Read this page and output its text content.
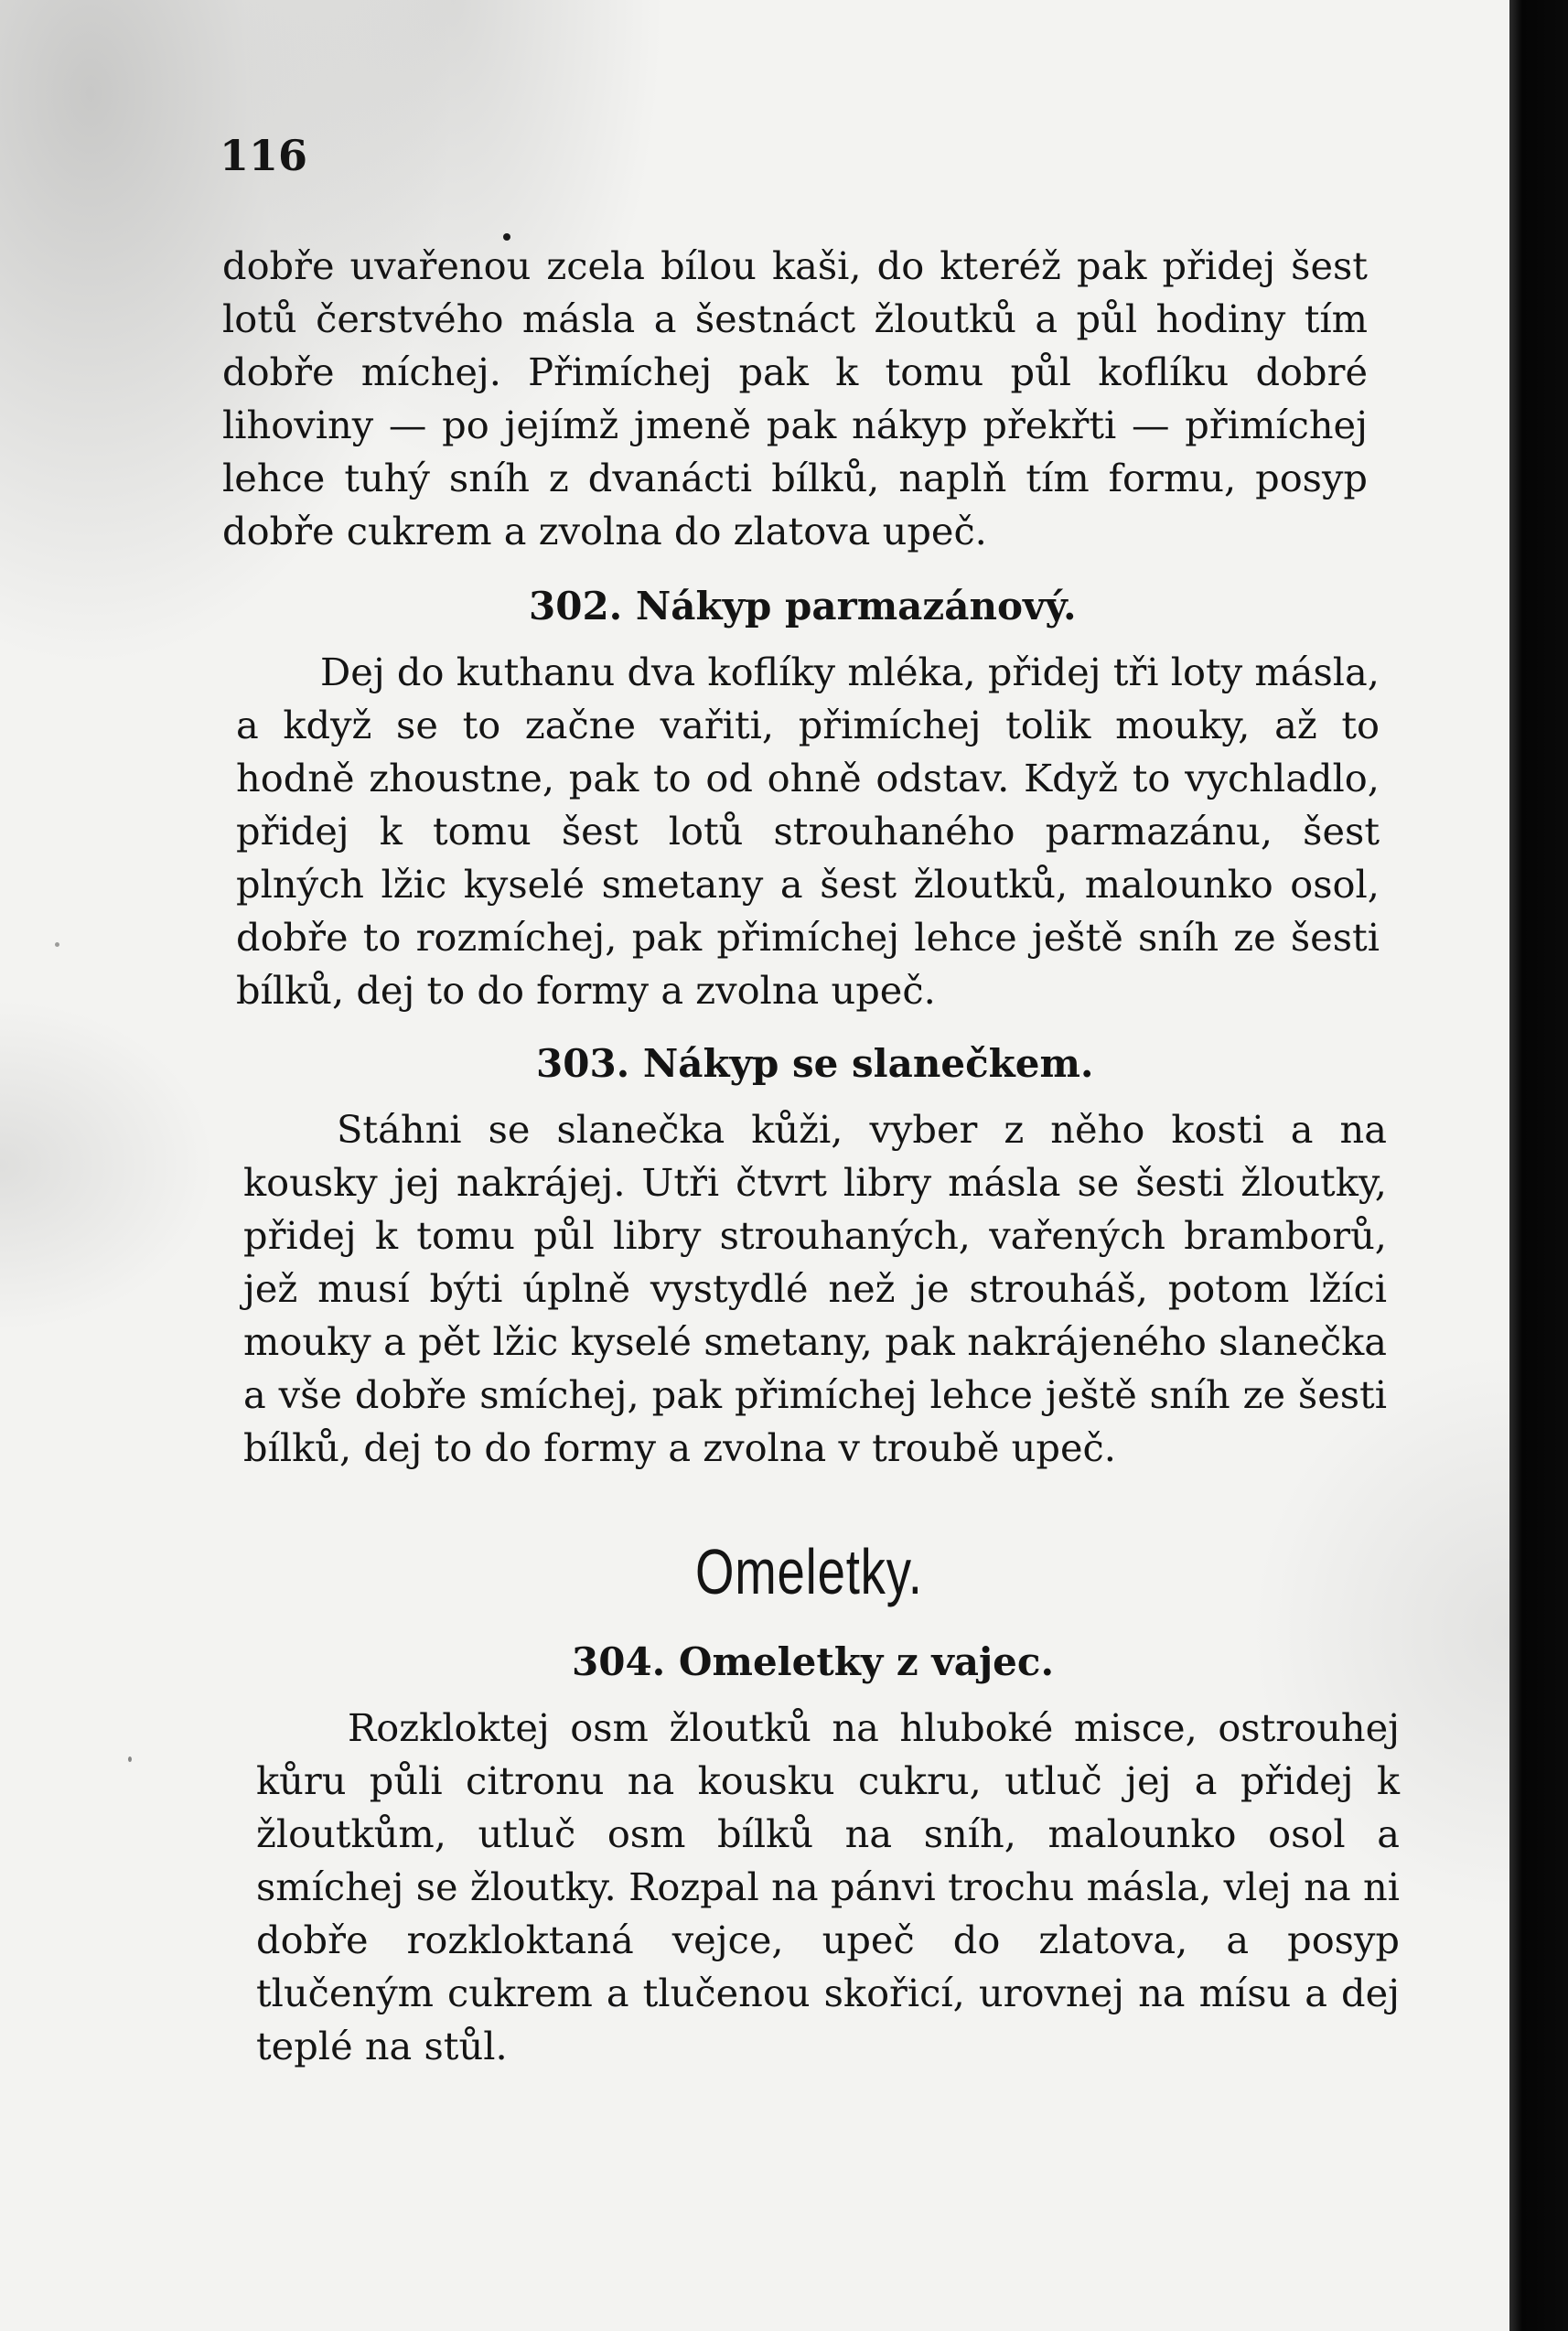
116

dobře uvařenou zcela bílou kaši, do kteréž pak přidej šest lotů čerstvého másla a šestnáct žloutků a půl hodiny tím dobře míchej. Přimíchej pak k tomu půl koflíku dobré lihoviny — po jejímž jmeně pak nákyp překřti — přimíchej lehce tuhý sníh z dvanácti bílků, naplň tím formu, posyp dobře cukrem a zvolna do zlatova upeč.

302. Nákyp parmazánový.

Dej do kuthanu dva koflíky mléka, přidej tři loty másla, a když se to začne vařiti, přimíchej tolik mouky, až to hodně zhoustne, pak to od ohně odstav. Když to vychladlo, přidej k tomu šest lotů strouhaného parmazánu, šest plných lžic kyselé smetany a šest žloutků, malounko osol, dobře to rozmíchej, pak přimíchej lehce ještě sníh ze šesti bílků, dej to do formy a zvolna upeč.

303. Nákyp se slanečkem.

Stáhni se slanečka kůži, vyber z něho kosti a na kousky jej nakrájej. Utři čtvrt libry másla se šesti žloutky, přidej k tomu půl libry strouhaných, vařených bramborů, jež musí býti úplně vystydlé než je strouháš, potom lžíci mouky a pět lžic kyselé smetany, pak nakrájeného slanečka a vše dobře smíchej, pak přimíchej lehce ještě sníh ze šesti bílků, dej to do formy a zvolna v troubě upeč.

Omeletky.
304. Omeletky z vajec.

Rozkloktej osm žloutků na hluboké misce, ostrouhej kůru půli citronu na kousku cukru, utluč jej a přidej k žloutkům, utluč osm bílků na sníh, malounko osol a smíchej se žloutky. Rozpal na pánvi trochu másla, vlej na ni dobře rozkloktaná vejce, upeč do zlatova, a posyp tlučeným cukrem a tlučenou skořicí, urovnej na mísu a dej teplé na stůl.
